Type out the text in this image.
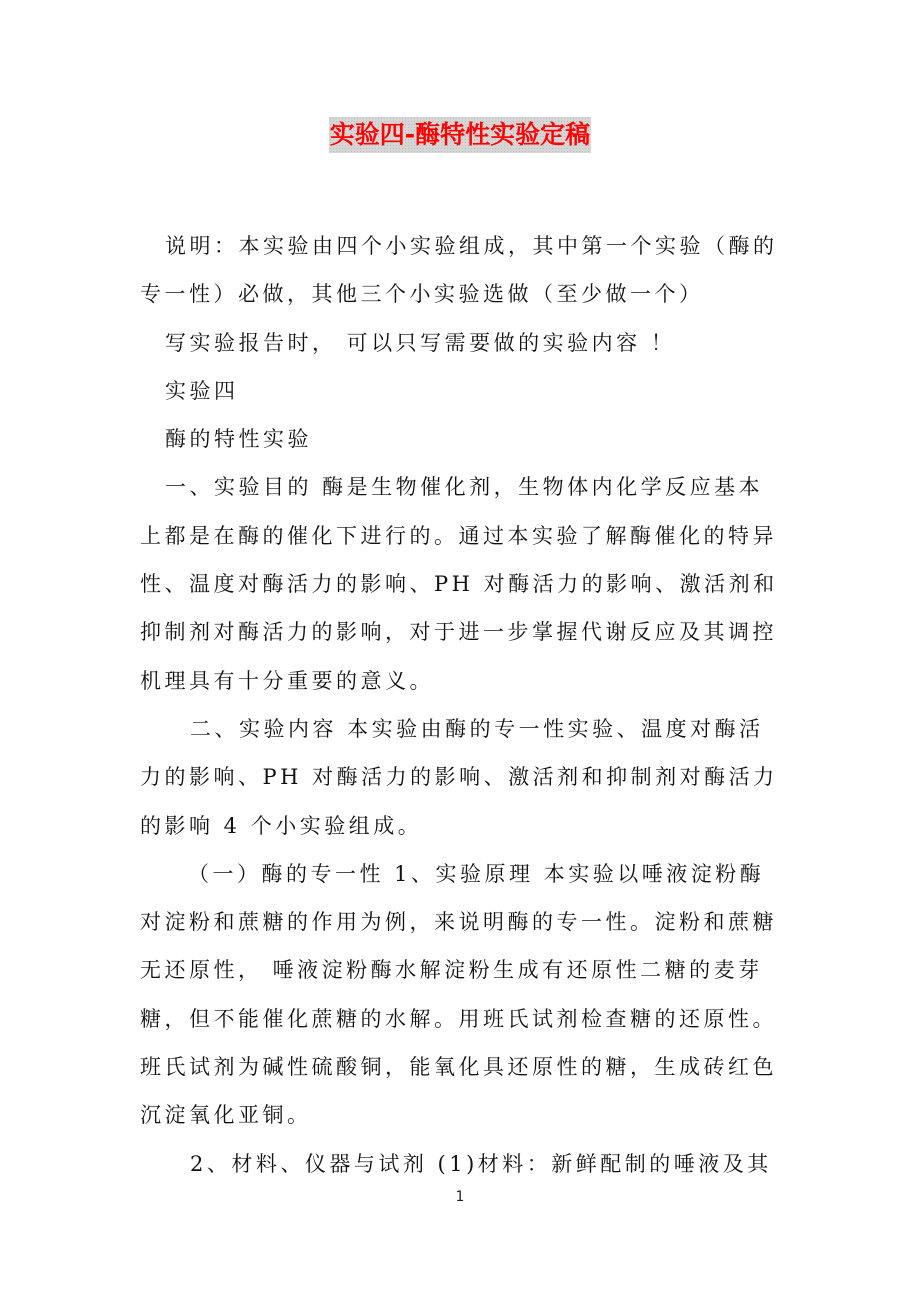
实验四-酶特性实验定稿
说明：本实验由四个小实验组成，其中第一个实验（酶的
专一性）必做，其他三个小实验选做（至少做一个）
写实验报告时， 可以只写需要做的实验内容 ！
实验四
酶的特性实验
一、实验目的 酶是生物催化剂，生物体内化学反应基本
上都是在酶的催化下进行的。通过本实验了解酶催化的特异
性、温度对酶活力的影响、PH 对酶活力的影响、激活剂和
抑制剂对酶活力的影响，对于进一步掌握代谢反应及其调控
机理具有十分重要的意义。
二、实验内容 本实验由酶的专一性实验、温度对酶活
力的影响、PH 对酶活力的影响、激活剂和抑制剂对酶活力
的影响 4 个小实验组成。
（一）酶的专一性 1、实验原理 本实验以唾液淀粉酶
对淀粉和蔗糖的作用为例，来说明酶的专一性。淀粉和蔗糖
无还原性， 唾液淀粉酶水解淀粉生成有还原性二糖的麦芽
糖，但不能催化蔗糖的水解。用班氏试剂检查糖的还原性。
班氏试剂为碱性硫酸铜，能氧化具还原性的糖，生成砖红色
沉淀氧化亚铜。
2、材料、仪器与试剂 (1)材料：新鲜配制的唾液及其
1
